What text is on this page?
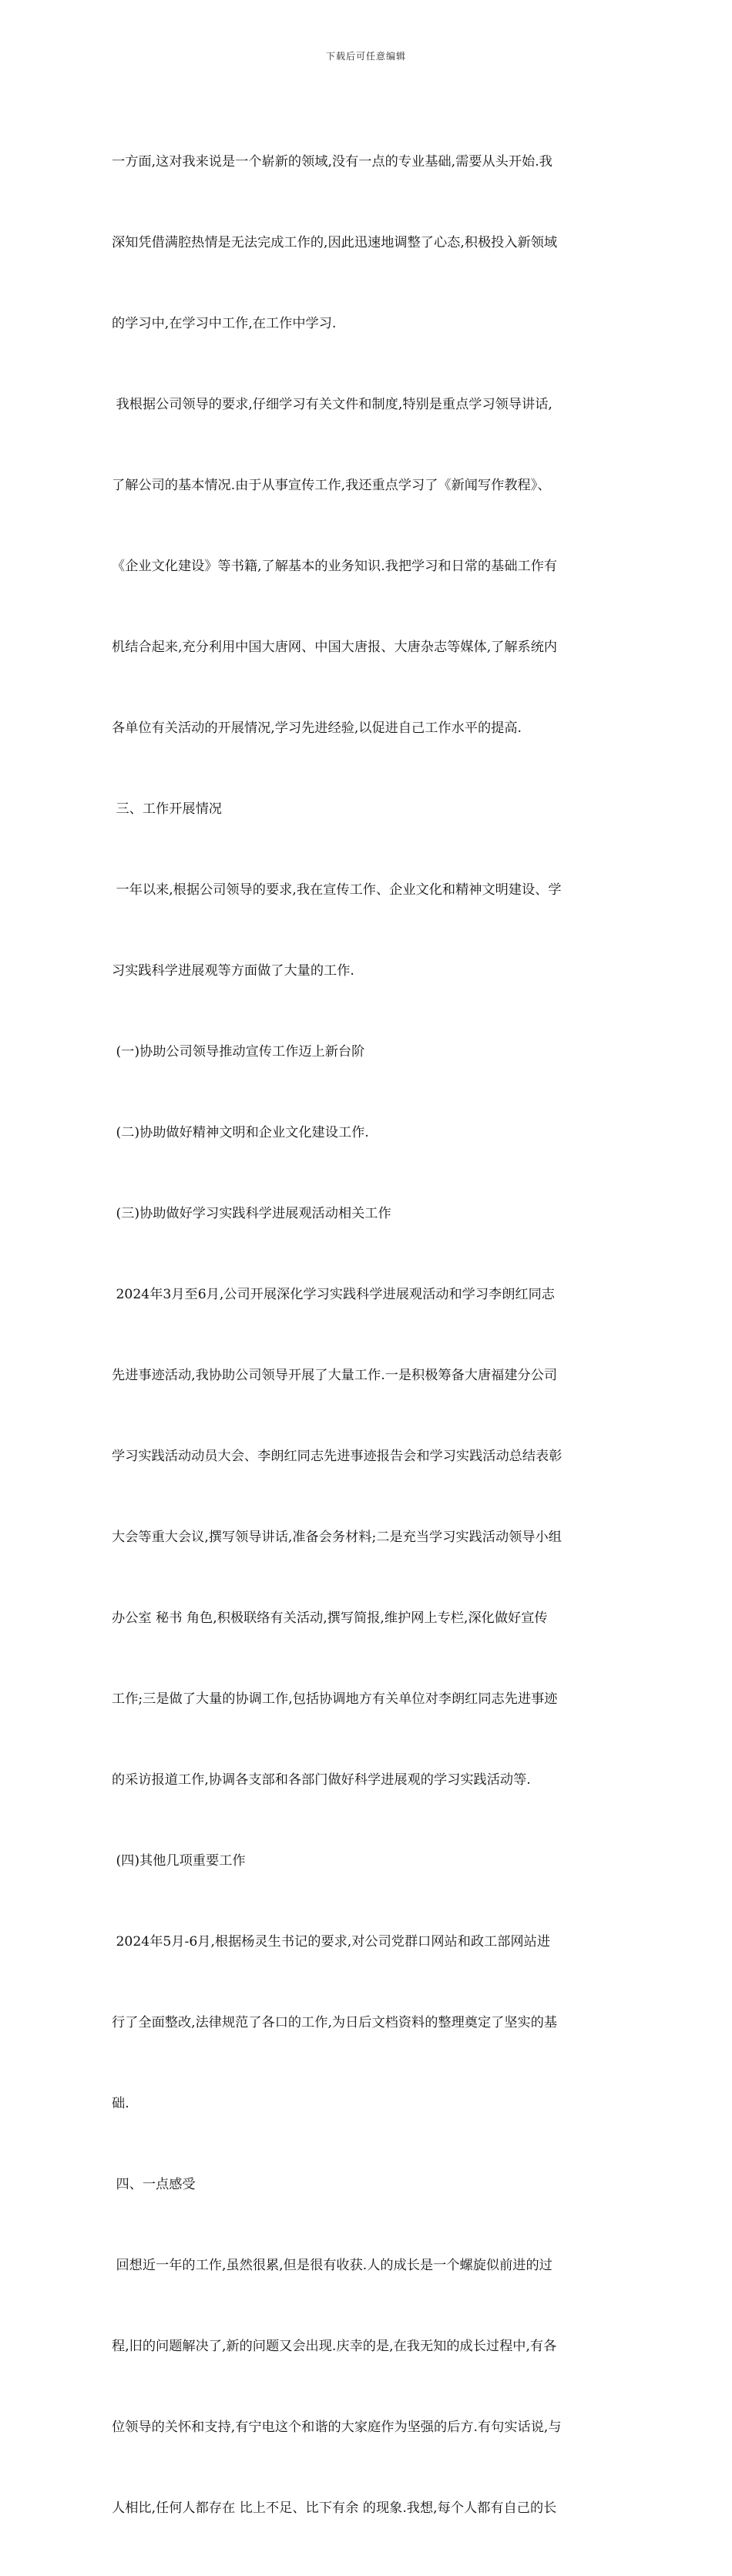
下载后可任意编辑

一方面,这对我来说是一个崭新的领域,没有一点的专业基础,需要从头开始.我

深知凭借满腔热情是无法完成工作的,因此迅速地调整了心态,积极投入新领域

的学习中,在学习中工作,在工作中学习.

我根据公司领导的要求,仔细学习有关文件和制度,特别是重点学习领导讲话,

了解公司的基本情况.由于从事宣传工作,我还重点学习了《新闻写作教程》、

《企业文化建设》等书籍,了解基本的业务知识.我把学习和日常的基础工作有

机结合起来,充分利用中国大唐网、中国大唐报、大唐杂志等媒体,了解系统内

各单位有关活动的开展情况,学习先进经验,以促进自己工作水平的提高.

三、工作开展情况

一年以来,根据公司领导的要求,我在宣传工作、企业文化和精神文明建设、学

习实践科学进展观等方面做了大量的工作.

(一)协助公司领导推动宣传工作迈上新台阶

(二)协助做好精神文明和企业文化建设工作.

(三)协助做好学习实践科学进展观活动相关工作

2024年3月至6月,公司开展深化学习实践科学进展观活动和学习李朗红同志

先进事迹活动,我协助公司领导开展了大量工作.一是积极筹备大唐福建分公司

学习实践活动动员大会、李朗红同志先进事迹报告会和学习实践活动总结表彰

大会等重大会议,撰写领导讲话,准备会务材料;二是充当学习实践活动领导小组

办公室 秘书 角色,积极联络有关活动,撰写简报,维护网上专栏,深化做好宣传

工作;三是做了大量的协调工作,包括协调地方有关单位对李朗红同志先进事迹

的采访报道工作,协调各支部和各部门做好科学进展观的学习实践活动等.

(四)其他几项重要工作

2024年5月-6月,根据杨灵生书记的要求,对公司党群口网站和政工部网站进

行了全面整改,法律规范了各口的工作,为日后文档资料的整理奠定了坚实的基

础.

四、一点感受

回想近一年的工作,虽然很累,但是很有收获.人的成长是一个螺旋似前进的过

程,旧的问题解决了,新的问题又会出现.庆幸的是,在我无知的成长过程中,有各

位领导的关怀和支持,有宁电这个和谐的大家庭作为坚强的后方.有句实话说,与

人相比,任何人都存在 比上不足、比下有余 的现象.我想,每个人都有自己的长
